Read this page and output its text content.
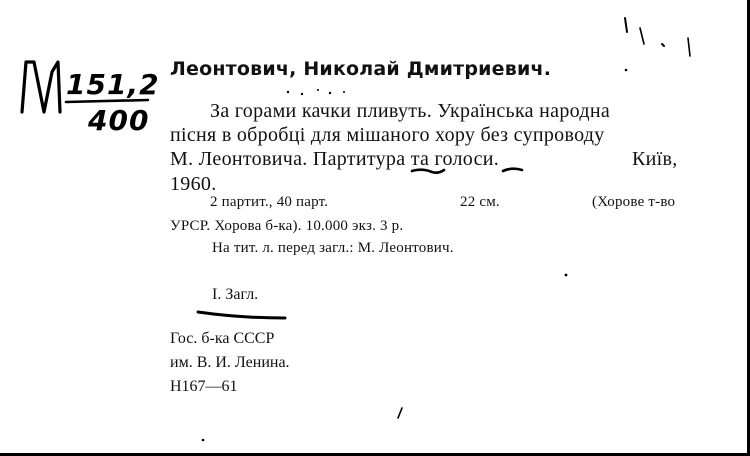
151,2
400
Леонтович, Николай Дмитриевич.
За горами качки пливуть. Українська народна
пісня в обробці для мішаного хору без супроводу
М. Леонтовича. Партитура та голоси.	Київ,
1960.
2 партит., 40 парт.	22 см.	(Хорове т-во
УРСР. Хорова б-ка). 10.000 экз. 3 р.
На тит. л. перед загл.: М. Леонтович.
I. Загл.
Гос. б-ка СССР
им. В. И. Ленина.
Н167—61
